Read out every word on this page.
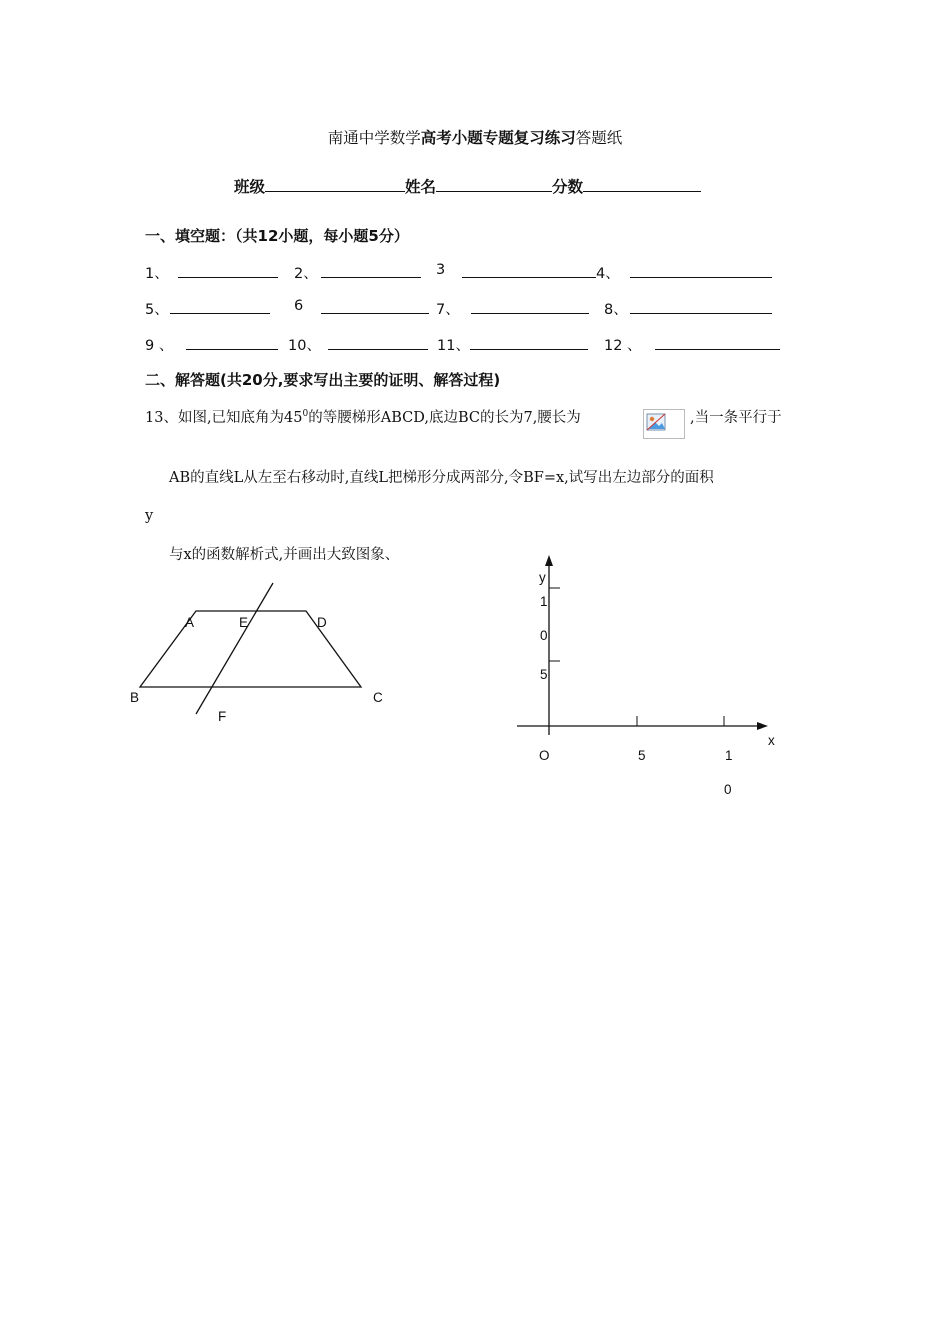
南通中学数学高考小题专题复习练习答题纸
班级	姓名	分数
一、填空题：（共12小题，每小题5分）
1、	2、	3	4、
5、	6	7、	8、
9 、	10、	11、	12 、
二、解答题(共20分,要求写出主要的证明、解答过程)
13、如图,已知底角为$45^0$的等腰梯形ABCD,底边BC的长为7,腰长为	,当一条平行于
AB的直线L从左至右移动时,直线L把梯形分成两部分,令BF=x,试写出左边部分的面积
y
与x的函数解析式,并画出大致图象、
A	E	D
B	C
F
y
1
0
5
x
O	5	1
0
